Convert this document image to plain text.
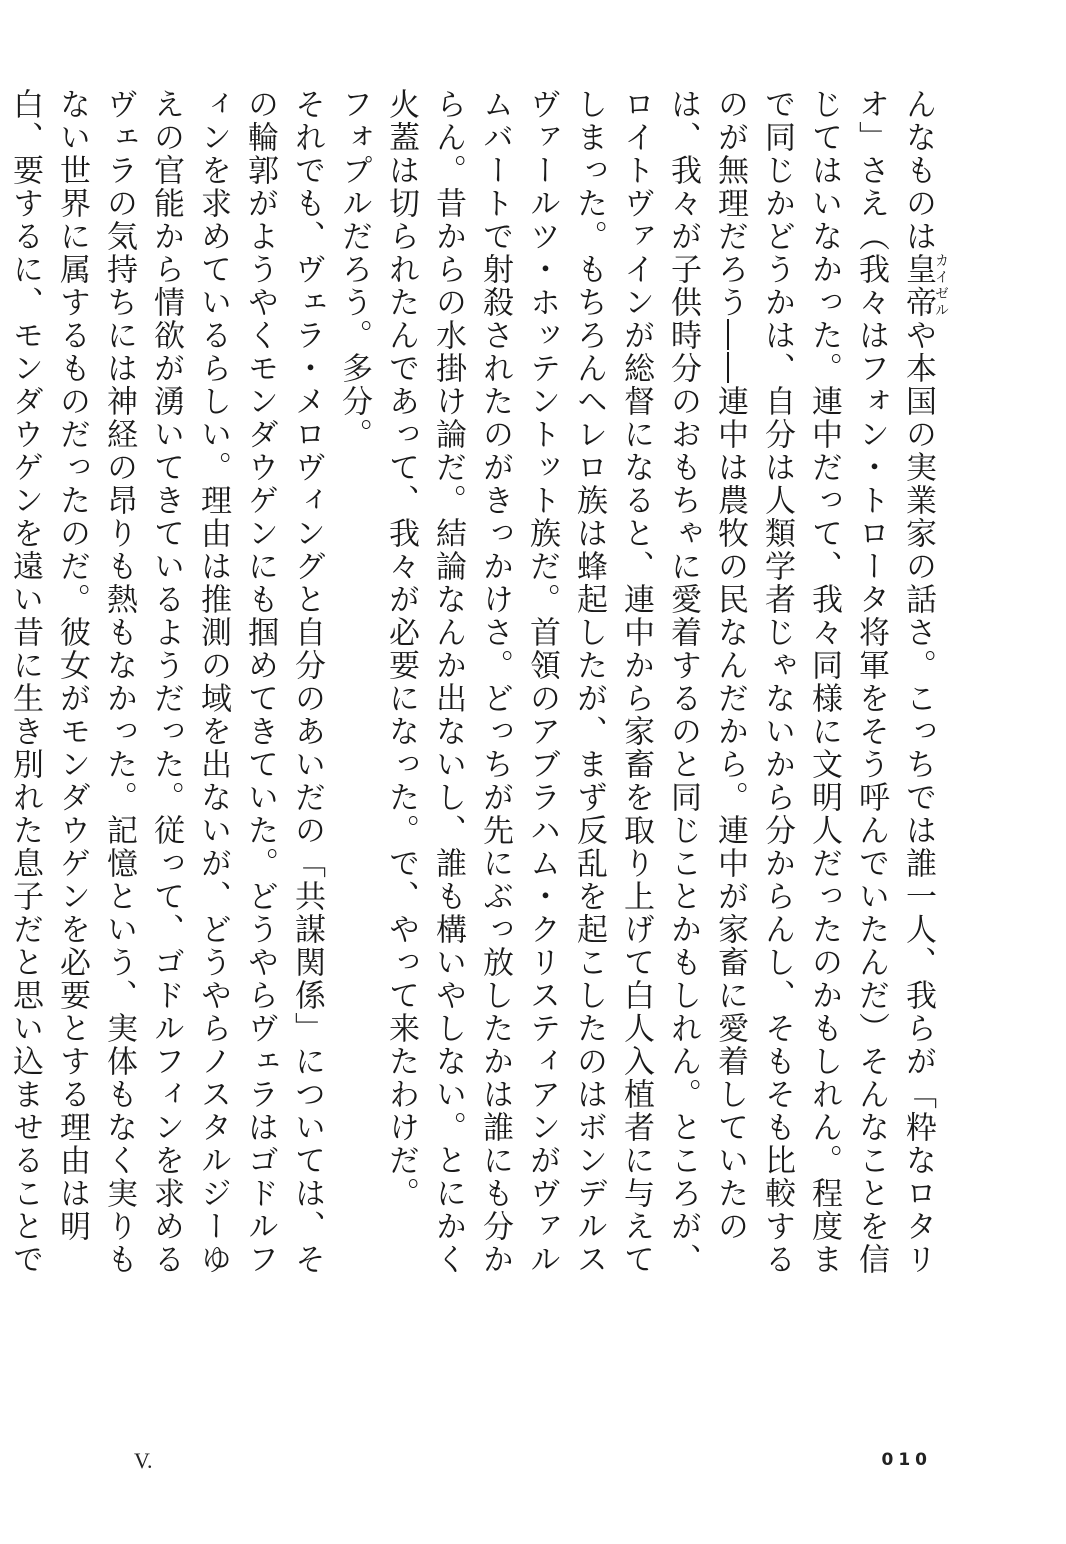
んなものは皇帝カイゼルや本国の実業家の話さ。こっちでは誰一人、我らが「粋なロタリオ」さえ（我々はフォン・トロータ将軍をそう呼んでいたんだ）そんなことを信じてはいなかった。連中だって、我々同様に文明人だったのかもしれん。程度まで同じかどうかは、自分は人類学者じゃないから分からんし、そもそも比較するのが無理だろう――連中は農牧の民なんだから。連中が家畜に愛着していたのは、我々が子供時分のおもちゃに愛着するのと同じことかもしれん。ところが、ロイトヴァインが総督になると、連中から家畜を取り上げて白人入植者に与えてしまった。もちろんヘレロ族は蜂起したが、まず反乱を起こしたのはボンデルスヴァールツ・ホッテントット族だ。首領のアブラハム・クリスティアンがヴァルムバートで射殺されたのがきっかけさ。どっちが先にぶっ放したかは誰にも分からん。昔からの水掛け論だ。結論なんか出ないし、誰も構いやしない。とにかく火蓋は切られたんであって、我々が必要になった。で、やって来たわけだ。

フォプルだろう。多分。

それでも、ヴェラ・メロヴィングと自分のあいだの「共謀関係」については、その輪郭がようやくモンダウゲンにも掴めてきていた。どうやらヴェラはゴドルフィンを求めているらしい。理由は推測の域を出ないが、どうやらノスタルジーゆえの官能から情欲が湧いてきているようだった。従って、ゴドルフィンを求めるヴェラの気持ちには神経の昂りも熱もなかった。記憶という、実体もなく実りもない世界に属するものだったのだ。彼女がモンダウゲンを必要とする理由は明白、要するに、モンダウゲンを遠い昔に生き別れた息子だと思い込ませることで

V.	010
